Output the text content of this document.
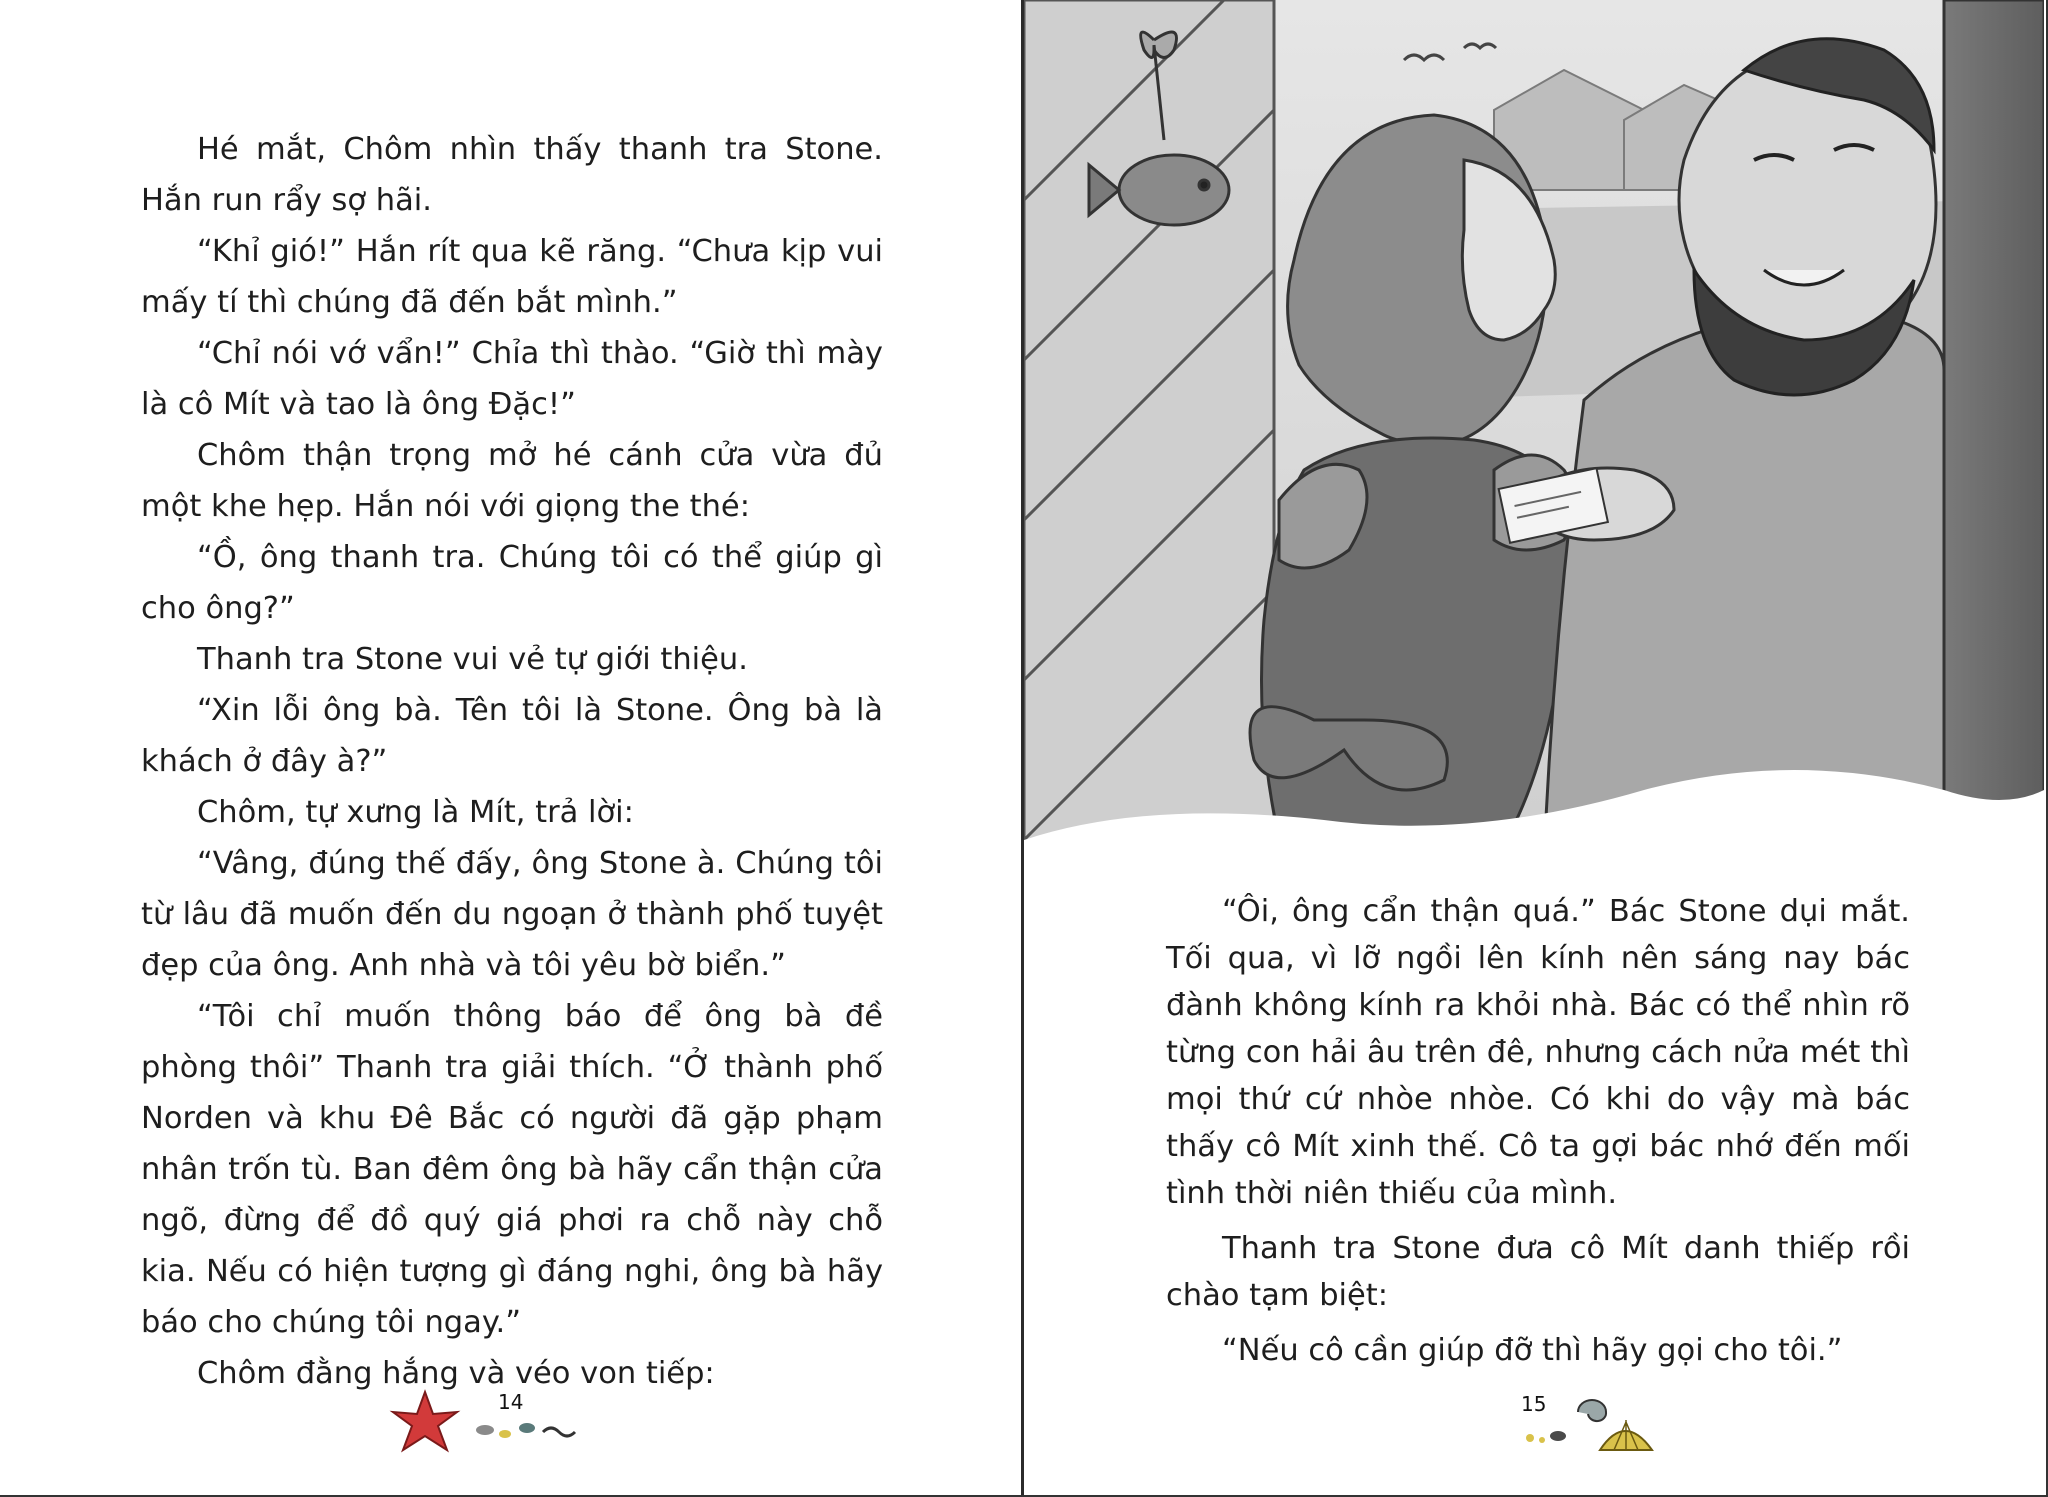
Hé mắt, Chôm nhìn thấy thanh tra Stone. Hắn run rẩy sợ hãi.

“Khỉ gió!” Hắn rít qua kẽ răng. “Chưa kịp vui mấy tí thì chúng đã đến bắt mình.”

“Chỉ nói vớ vẩn!” Chỉa thì thào. “Giờ thì mày là cô Mít và tao là ông Đặc!”

Chôm thận trọng mở hé cánh cửa vừa đủ một khe hẹp. Hắn nói với giọng the thé:

“Ồ, ông thanh tra. Chúng tôi có thể giúp gì cho ông?”

Thanh tra Stone vui vẻ tự giới thiệu.

“Xin lỗi ông bà. Tên tôi là Stone. Ông bà là khách ở đây à?”

Chôm, tự xưng là Mít, trả lời:

“Vâng, đúng thế đấy, ông Stone à. Chúng tôi từ lâu đã muốn đến du ngoạn ở thành phố tuyệt đẹp của ông. Anh nhà và tôi yêu bờ biển.”

“Tôi chỉ muốn thông báo để ông bà đề phòng thôi” Thanh tra giải thích. “Ở thành phố Norden và khu Đê Bắc có người đã gặp phạm nhân trốn tù. Ban đêm ông bà hãy cẩn thận cửa ngõ, đừng để đồ quý giá phơi ra chỗ này chỗ kia. Nếu có hiện tượng gì đáng nghi, ông bà hãy báo cho chúng tôi ngay.”

Chôm đằng hắng và véo von tiếp:

14

“Ôi, ông cẩn thận quá.” Bác Stone dụi mắt. Tối qua, vì lỡ ngồi lên kính nên sáng nay bác đành không kính ra khỏi nhà. Bác có thể nhìn rõ từng con hải âu trên đê, nhưng cách nửa mét thì mọi thứ cứ nhòe nhòe. Có khi do vậy mà bác thấy cô Mít xinh thế. Cô ta gợi bác nhớ đến mối tình thời niên thiếu của mình.

Thanh tra Stone đưa cô Mít danh thiếp rồi chào tạm biệt:

“Nếu cô cần giúp đỡ thì hãy gọi cho tôi.”

15
